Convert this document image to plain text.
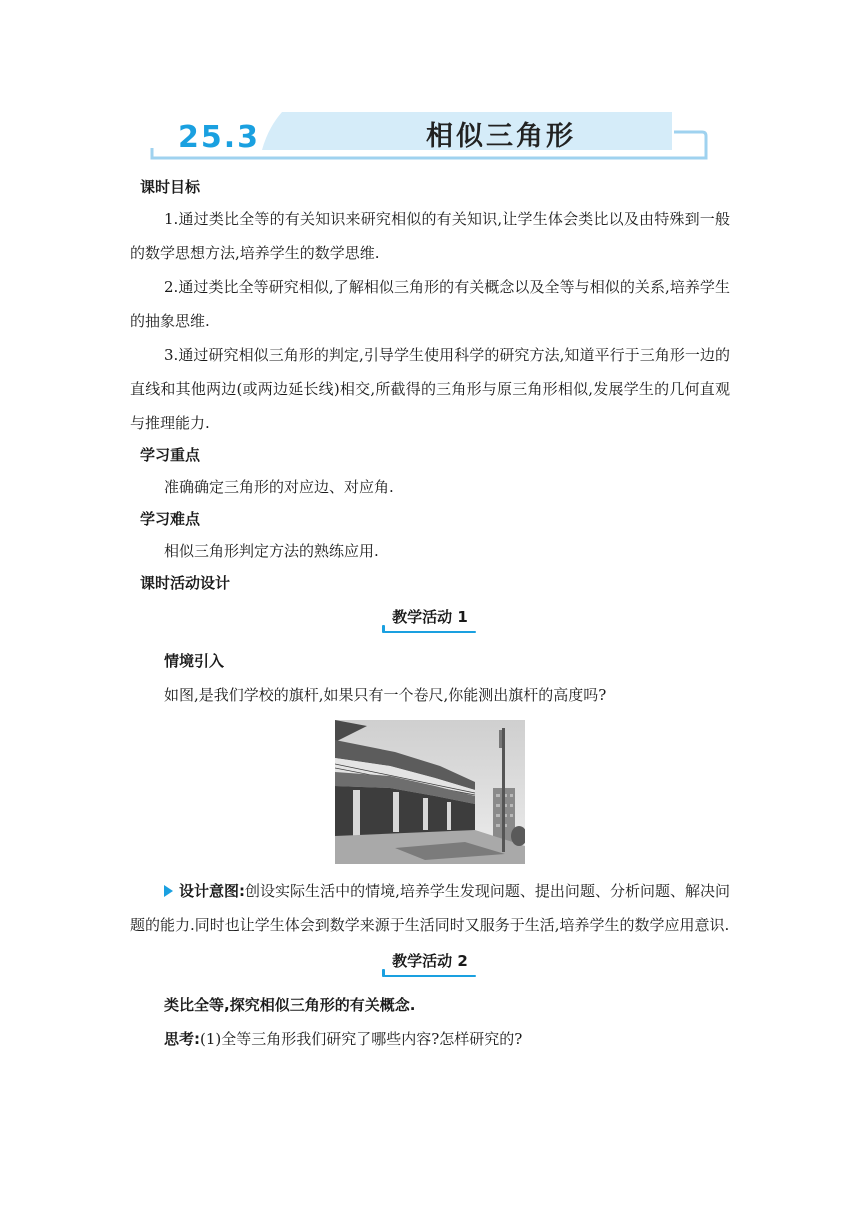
25.3	相似三角形
课时目标

1.通过类比全等的有关知识来研究相似的有关知识,让学生体会类比以及由特殊到一般的数学思想方法,培养学生的数学思维.

2.通过类比全等研究相似,了解相似三角形的有关概念以及全等与相似的关系,培养学生的抽象思维.

3.通过研究相似三角形的判定,引导学生使用科学的研究方法,知道平行于三角形一边的直线和其他两边(或两边延长线)相交,所截得的三角形与原三角形相似,发展学生的几何直观与推理能力.

学习重点

准确确定三角形的对应边、对应角.

学习难点

相似三角形判定方法的熟练应用.

课时活动设计
教学活动 1

情境引入

如图,是我们学校的旗杆,如果只有一个卷尺,你能测出旗杆的高度吗?

设计意图:创设实际生活中的情境,培养学生发现问题、提出问题、分析问题、解决问题的能力.同时也让学生体会到数学来源于生活同时又服务于生活,培养学生的数学应用意识.

教学活动 2

类比全等,探究相似三角形的有关概念.

思考:(1)全等三角形我们研究了哪些内容?怎样研究的?
